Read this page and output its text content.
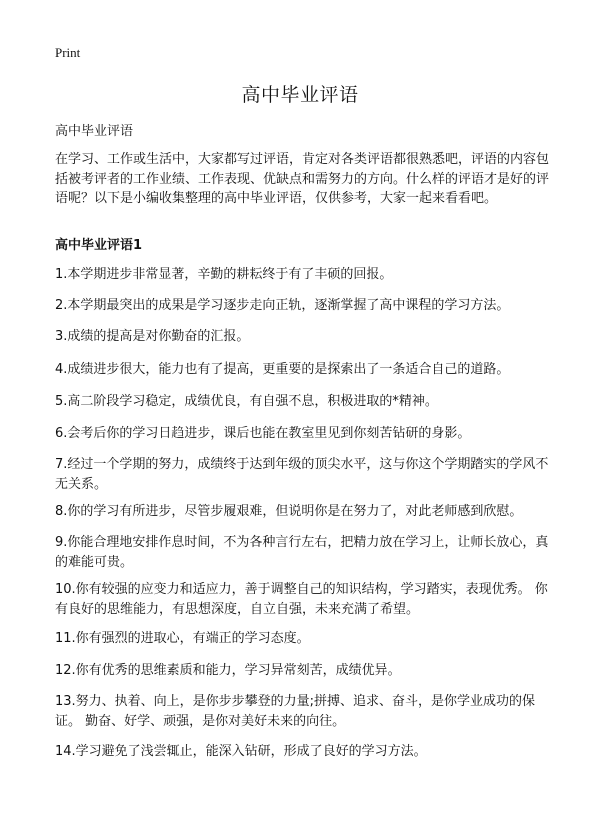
Print
高中毕业评语
高中毕业评语

在学习、工作或生活中，大家都写过评语，肯定对各类评语都很熟悉吧，评语的内容包括被考评者的工作业绩、工作表现、优缺点和需努力的方向。什么样的评语才是好的评语呢？以下是小编收集整理的高中毕业评语，仅供参考，大家一起来看看吧。

高中毕业评语1

1.本学期进步非常显著，辛勤的耕耘终于有了丰硕的回报。

2.本学期最突出的成果是学习逐步走向正轨，逐渐掌握了高中课程的学习方法。

3.成绩的提高是对你勤奋的汇报。

4.成绩进步很大，能力也有了提高，更重要的是探索出了一条适合自己的道路。

5.高二阶段学习稳定，成绩优良，有自强不息，积极进取的*精神。

6.会考后你的学习日趋进步，课后也能在教室里见到你刻苦钻研的身影。

7.经过一个学期的努力，成绩终于达到年级的顶尖水平，这与你这个学期踏实的学风不无关系。

8.你的学习有所进步，尽管步履艰难，但说明你是在努力了，对此老师感到欣慰。

9.你能合理地安排作息时间，不为各种言行左右，把精力放在学习上，让师长放心，真的难能可贵。

10.你有较强的应变力和适应力，善于调整自己的知识结构，学习踏实，表现优秀。 你有良好的思维能力，有思想深度，自立自强，未来充满了希望。

11.你有强烈的进取心，有端正的学习态度。

12.你有优秀的思维素质和能力，学习异常刻苦，成绩优异。

13.努力、执着、向上，是你步步攀登的力量;拼搏、追求、奋斗，是你学业成功的保证。 勤奋、好学、顽强，是你对美好未来的向往。

14.学习避免了浅尝辄止，能深入钻研，形成了良好的学习方法。
